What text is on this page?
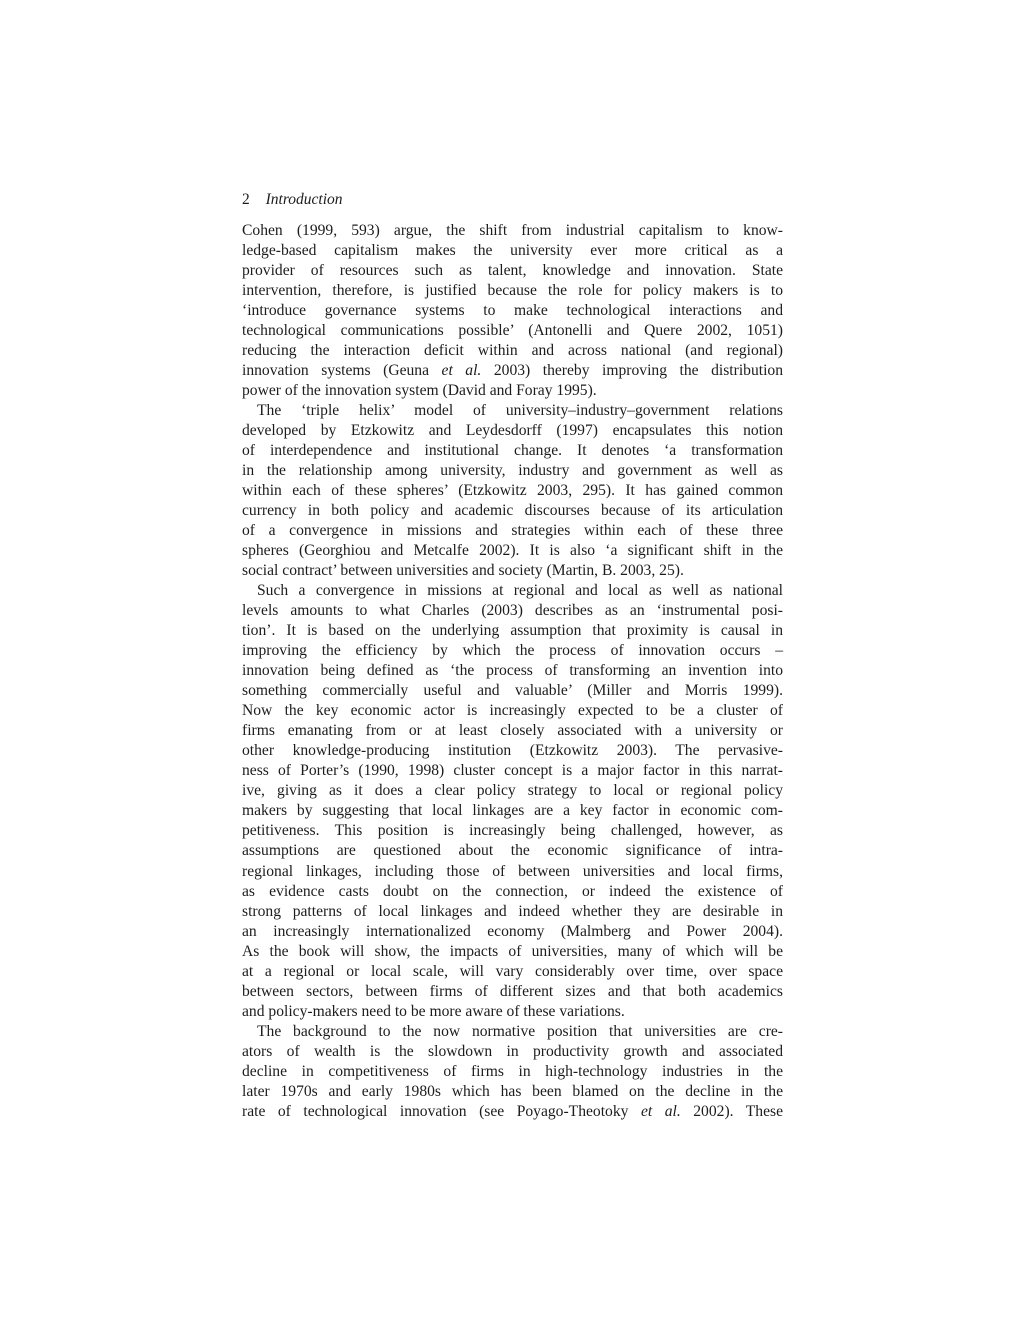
2 Introduction
Cohen (1999, 593) argue, the shift from industrial capitalism to know-
ledge-based capitalism makes the university ever more critical as a
provider of resources such as talent, knowledge and innovation. State
intervention, therefore, is justified because the role for policy makers is to
‘introduce governance systems to make technological interactions and
technological communications possible’ (Antonelli and Quere 2002, 1051)
reducing the interaction deficit within and across national (and regional)
innovation systems (Geuna et al. 2003) thereby improving the distribution
power of the innovation system (David and Foray 1995).
The ‘triple helix’ model of university–industry–government relations
developed by Etzkowitz and Leydesdorff (1997) encapsulates this notion
of interdependence and institutional change. It denotes ‘a transformation
in the relationship among university, industry and government as well as
within each of these spheres’ (Etzkowitz 2003, 295). It has gained common
currency in both policy and academic discourses because of its articulation
of a convergence in missions and strategies within each of these three
spheres (Georghiou and Metcalfe 2002). It is also ‘a significant shift in the
social contract’ between universities and society (Martin, B. 2003, 25).
Such a convergence in missions at regional and local as well as national
levels amounts to what Charles (2003) describes as an ‘instrumental posi-
tion’. It is based on the underlying assumption that proximity is causal in
improving the efficiency by which the process of innovation occurs –
innovation being defined as ‘the process of transforming an invention into
something commercially useful and valuable’ (Miller and Morris 1999).
Now the key economic actor is increasingly expected to be a cluster of
firms emanating from or at least closely associated with a university or
other knowledge-producing institution (Etzkowitz 2003). The pervasive-
ness of Porter’s (1990, 1998) cluster concept is a major factor in this narrat-
ive, giving as it does a clear policy strategy to local or regional policy
makers by suggesting that local linkages are a key factor in economic com-
petitiveness. This position is increasingly being challenged, however, as
assumptions are questioned about the economic significance of intra-
regional linkages, including those of between universities and local firms,
as evidence casts doubt on the connection, or indeed the existence of
strong patterns of local linkages and indeed whether they are desirable in
an increasingly internationalized economy (Malmberg and Power 2004).
As the book will show, the impacts of universities, many of which will be
at a regional or local scale, will vary considerably over time, over space
between sectors, between firms of different sizes and that both academics
and policy-makers need to be more aware of these variations.
The background to the now normative position that universities are cre-
ators of wealth is the slowdown in productivity growth and associated
decline in competitiveness of firms in high-technology industries in the
later 1970s and early 1980s which has been blamed on the decline in the
rate of technological innovation (see Poyago-Theotoky et al. 2002). These
